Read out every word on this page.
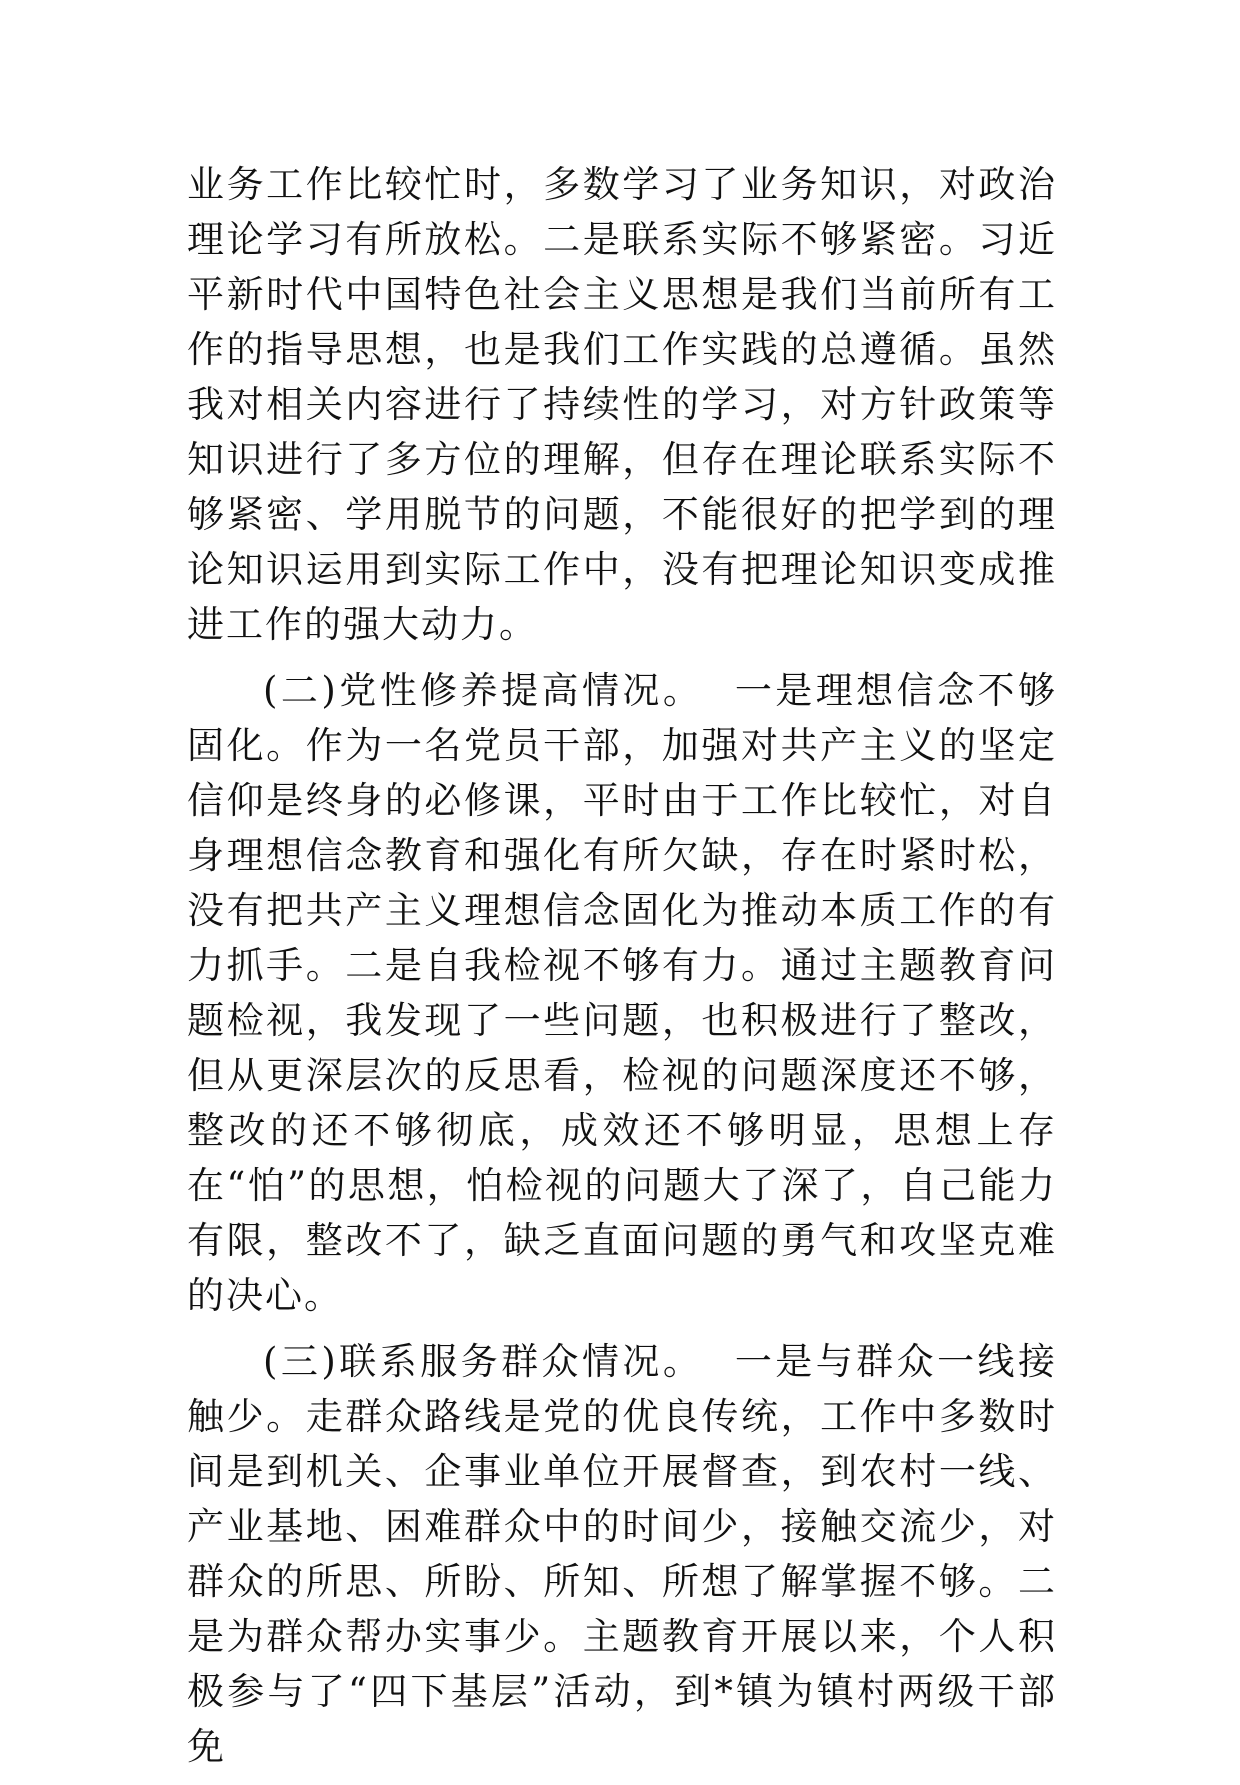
业务工作比较忙时，多数学习了业务知识，对政治理论学习有所放松。二是联系实际不够紧密。习近平新时代中国特色社会主义思想是我们当前所有工作的指导思想，也是我们工作实践的总遵循。虽然我对相关内容进行了持续性的学习，对方针政策等知识进行了多方位的理解，但存在理论联系实际不够紧密、学用脱节的问题，不能很好的把学到的理论知识运用到实际工作中，没有把理论知识变成推进工作的强大动力。

(二)党性修养提高情况。 一是理想信念不够固化。作为一名党员干部，加强对共产主义的坚定信仰是终身的必修课，平时由于工作比较忙，对自身理想信念教育和强化有所欠缺，存在时紧时松，没有把共产主义理想信念固化为推动本质工作的有力抓手。二是自我检视不够有力。通过主题教育问题检视，我发现了一些问题，也积极进行了整改，但从更深层次的反思看，检视的问题深度还不够，整改的还不够彻底，成效还不够明显，思想上存在“怕”的思想，怕检视的问题大了深了，自己能力有限，整改不了，缺乏直面问题的勇气和攻坚克难的决心。

(三)联系服务群众情况。 一是与群众一线接触少。走群众路线是党的优良传统，工作中多数时间是到机关、企事业单位开展督查，到农村一线、产业基地、困难群众中的时间少，接触交流少，对群众的所思、所盼、所知、所想了解掌握不够。二是为群众帮办实事少。主题教育开展以来，个人积极参与了“四下基层”活动，到*镇为镇村两级干部免
